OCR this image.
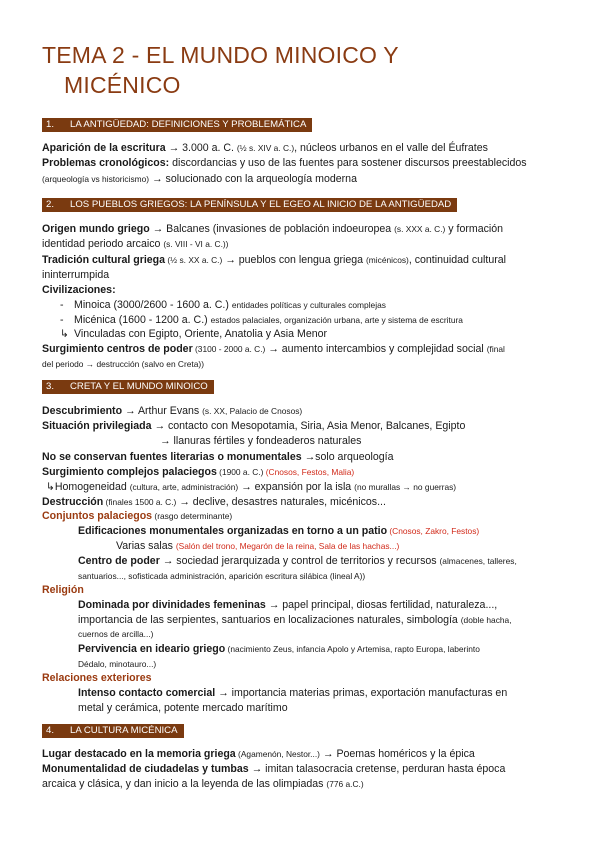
TEMA 2 - EL MUNDO MINOICO Y
MICÉNICO
1. LA ANTIGÜEDAD: DEFINICIONES Y PROBLEMÁTICA
Aparición de la escritura → 3.000 a. C. (½ s. XIV a. C.), núcleos urbanos en el valle del Éufrates
Problemas cronológicos: discordancias y uso de las fuentes para sostener discursos preestablecidos
(arqueología vs historicismo) → solucionado con la arqueología moderna
2. LOS PUEBLOS GRIEGOS: LA PENÍNSULA Y EL EGEO AL INICIO DE LA ANTIGÜEDAD
Origen mundo griego → Balcanes (invasiones de población indoeuropea (s. XXX a. C.) y formación
identidad periodo arcaico (s. VIII - VI a. C.))
Tradición cultural griega (½ s. XX a. C.) → pueblos con lengua griega (micénicos), continuidad cultural
ininterrumpida
Civilizaciones:
- Minoica (3000/2600 - 1600 a. C.) entidades políticas y culturales complejas
- Micénica (1600 - 1200 a. C.) estados palaciales, organización urbana, arte y sistema de escritura
↳ Vinculadas con Egipto, Oriente, Anatolia y Asia Menor
Surgimiento centros de poder (3100 - 2000 a. C.) → aumento intercambios y complejidad social (final
del periodo → destrucción (salvo en Creta))
3. CRETA Y EL MUNDO MINOICO
Descubrimiento → Arthur Evans (s. XX, Palacio de Cnosos)
Situación privilegiada → contacto con Mesopotamia, Siria, Asia Menor, Balcanes, Egipto
→ llanuras fértiles y fondeaderos naturales
No se conservan fuentes literarias o monumentales →solo arqueología
Surgimiento complejos palaciegos (1900 a. C.) (Cnosos, Festos, Malia)
↳Homogeneidad (cultura, arte, administración) → expansión por la isla (no murallas → no guerras)
Destrucción (finales 1500 a. C.) → declive, desastres naturales, micénicos...
Conjuntos palaciegos (rasgo determinante)
Edificaciones monumentales organizadas en torno a un patio (Cnosos, Zakro, Festos)
Varias salas (Salón del trono, Megarón de la reina, Sala de las hachas...)
Centro de poder → sociedad jerarquizada y control de territorios y recursos (almacenes, talleres,
santuarios..., sofisticada administración, aparición escritura silábica (lineal A))
Religión
Dominada por divinidades femeninas → papel principal, diosas fertilidad, naturaleza...,
importancia de las serpientes, santuarios en localizaciones naturales, simbología (doble hacha,
cuernos de arcilla...)
Pervivencia en ideario griego (nacimiento Zeus, infancia Apolo y Artemisa, rapto Europa, laberinto
Dédalo, minotauro...)
Relaciones exteriores
Intenso contacto comercial → importancia materias primas, exportación manufacturas en
metal y cerámica, potente mercado marítimo
4. LA CULTURA MICÉNICA
Lugar destacado en la memoria griega (Agamenón, Nestor...) → Poemas homéricos y la épica
Monumentalidad de ciudadelas y tumbas → imitan talasocracia cretense, perduran hasta época
arcaica y clásica, y dan inicio a la leyenda de las olimpiadas (776 a.C.)
